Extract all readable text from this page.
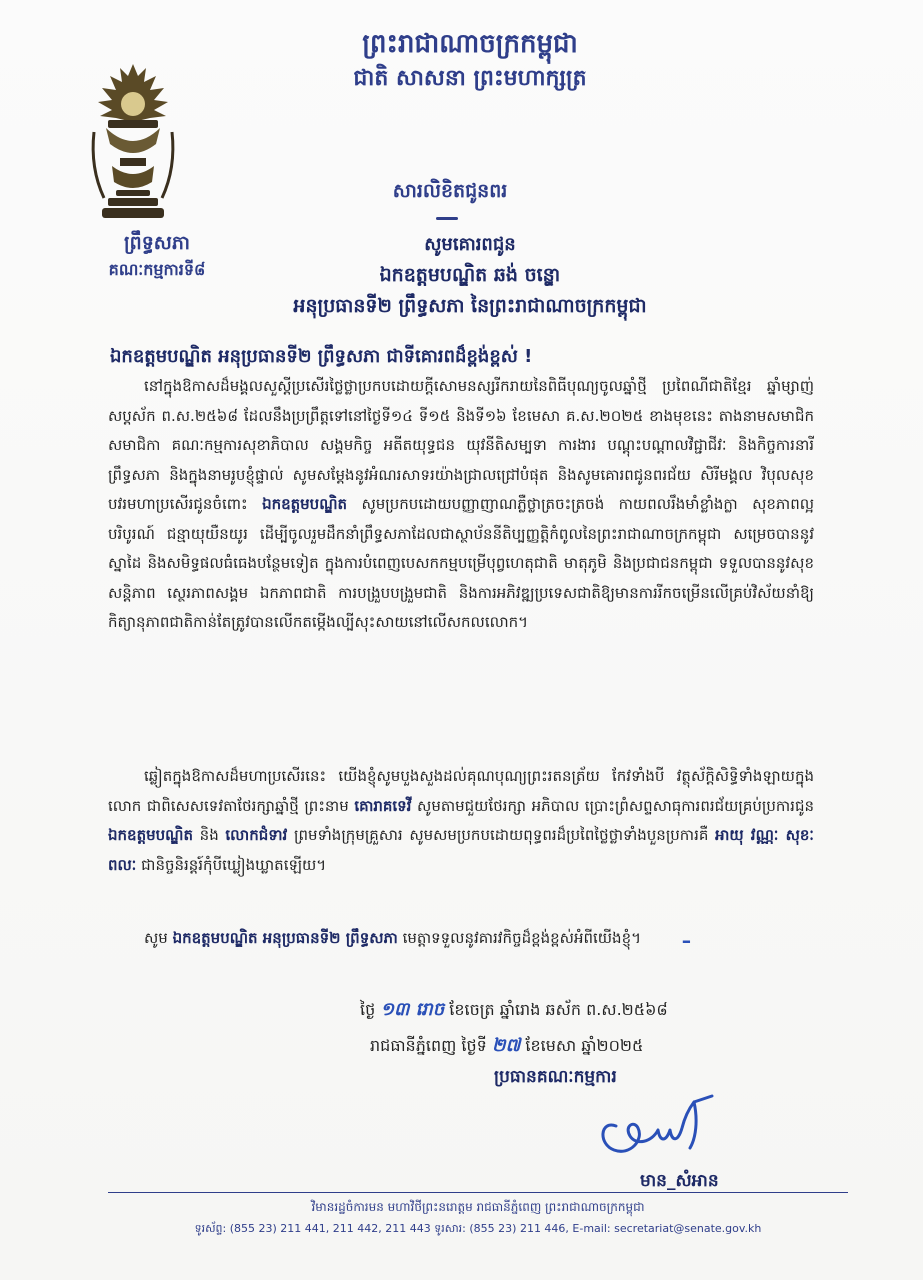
ព្រឹទ្ធសភា
គណៈកម្មការទី៨
ព្រះរាជាណាចក្រកម្ពុជា
ជាតិ សាសនា ព្រះមហាក្សត្រ
សារលិខិតជូនពរ
សូមគោរពជូន
ឯកឧត្តមបណ្ឌិត ឆង់ ចន្ថ្លោ
អនុប្រធានទី២ ព្រឹទ្ធសភា នៃព្រះរាជាណាចក្រកម្ពុជា
ឯកឧត្តមបណ្ឌិត អនុប្រធានទី២ ព្រឹទ្ធសភា ជាទីគោរពដ៏ខ្ពង់ខ្ពស់ !
នៅក្នុងឱកាសដ៏មង្គលសួស្តីប្រសើរថ្លៃថ្លាប្រកបដោយក្តីសោមនស្សរីករាយនៃពិធីបុណ្យចូលឆ្នាំថ្មី ប្រពៃណីជាតិខ្មែរ ឆ្នាំម្សាញ់ សប្តស័ក ព.ស.២៥៦៨ ដែលនឹងប្រព្រឹត្តទៅនៅថ្ងៃទី១៤ ទី១៥ និងទី១៦ ខែមេសា គ.ស.២០២៥ ខាងមុខនេះ តាងនាមសមាជិក សមាជិកា គណៈកម្មការសុខាភិបាល សង្គមកិច្ច អតីតយុទ្ធជន យុវនីតិសម្បទា ការងារ បណ្តុះបណ្តាលវិជ្ជាជីវៈ និងកិច្ចការនារី ព្រឹទ្ធសភា និងក្នុងនាមរូបខ្ញុំផ្ទាល់ សូមសម្តែងនូវអំណរសាទរយ៉ាងជ្រាលជ្រៅបំផុត និងសូមគោរពជូនពរជ័យ សិរីមង្គល វិបុលសុខ បវរមហាប្រសើរជូនចំពោះ ឯកឧត្តមបណ្ឌិត សូមប្រកបដោយបញ្ញាញាណភ្លឺថ្លាត្រចះត្រចង់ កាយពលរឹងមាំខ្លាំងក្លា សុខភាពល្អបរិបូរណ៍ ជន្មាយុយឺនយូរ ដើម្បីចូលរួមដឹកនាំព្រឹទ្ធសភាដែលជាស្ថាប័ននីតិប្បញ្ញត្តិកំពូលនៃព្រះរាជាណាចក្រកម្ពុជា សម្រេចបាននូវស្នាដៃ និងសមិទ្ធផលធំធេងបន្ថែមទៀត ក្នុងការបំពេញបេសកកម្មបម្រើបុព្វហេតុជាតិ មាតុភូមិ និងប្រជាជនកម្ពុជា ទទួលបាននូវសុខសន្តិភាព ស្ថេរភាពសង្គម ឯកភាពជាតិ ការបង្រួបបង្រួមជាតិ និងការអភិវឌ្ឍប្រទេសជាតិឱ្យមានការរីកចម្រើនលើគ្រប់វិស័យនាំឱ្យកិត្យានុភាពជាតិកាន់តែត្រូវបានលើកតម្កើងល្បីសុះសាយនៅលើសកលលោក។
ឆ្លៀតក្នុងឱកាសដ៏មហាប្រសើរនេះ យើងខ្ញុំសូមបួងសួងដល់គុណបុណ្យព្រះរតនត្រ័យ កែវទាំងបី វត្ថុស័ក្តិសិទ្ធិទាំងឡាយក្នុងលោក ជាពិសេសទេវតាថែរក្សាឆ្នាំថ្មី ព្រះនាម គោរាគទេវី សូមតាមជួយថែរក្សា អភិបាល ប្រោះព្រំសព្ទសាធុការពរជ័យគ្រប់ប្រការជូន ឯកឧត្តមបណ្ឌិត និង លោកជំទាវ ព្រមទាំងក្រុមគ្រួសារ សូមសមប្រកបដោយពុទ្ធពរដ៏ប្រពៃថ្លៃថ្លាទាំងបួនប្រការគឺ អាយុ វណ្ណៈ សុខៈ ពលៈ ជានិច្ចនិរន្តរ៍កុំបីឃ្លៀងឃ្លាតឡើយ។
សូម ឯកឧត្តមបណ្ឌិត អនុប្រធានទី២ ព្រឹទ្ធសភា មេត្តាទទួលនូវគារវកិច្ចដ៏ខ្ពង់ខ្ពស់អំពីយើងខ្ញុំ។ ـ
ថ្ងៃ ១៣ រោច ខែចេត្រ ឆ្នាំរោង ឆស័ក ព.ស.២៥៦៨
រាជធានីភ្នំពេញ ថ្ងៃទី ២៧ ខែមេសា ឆ្នាំ២០២៥
ប្រធានគណៈកម្មការ
មាន_សំអាន
វិមានរដ្ឋចំការមន មហាវិថីព្រះនរោត្តម រាជធានីភ្នំពេញ ព្រះរាជាណាចក្រកម្ពុជា
ទូរស័ព្ទ: (855 23) 211 441, 211 442, 211 443 ទូរសារ: (855 23) 211 446, E-mail: secretariat@senate.gov.kh
